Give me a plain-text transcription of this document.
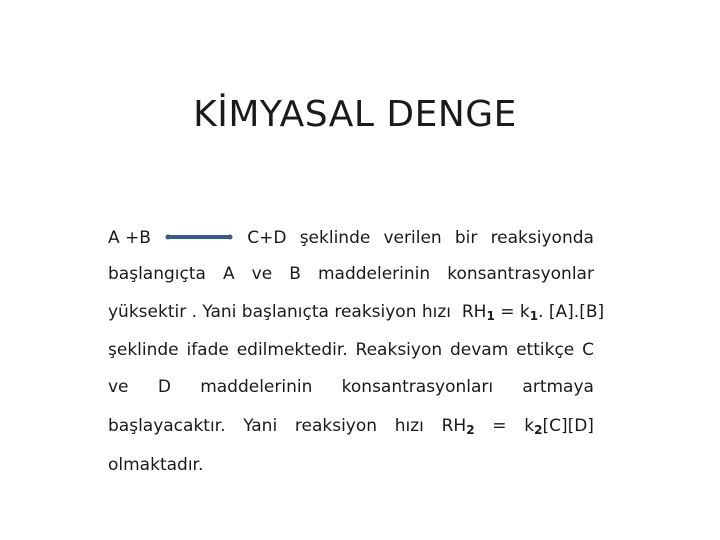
KİMYASAL DENGE
A +B	C+D şeklinde verilen bir reaksiyonda
başlangıçta A ve B maddelerinin konsantrasyonlar
yüksektir . Yani başlanıçta reaksiyon hızı $RH_1 = k_1$. [A].[B]
şeklinde ifade edilmektedir. Reaksiyon devam ettikçe C
ve D maddelerinin konsantrasyonları artmaya
başlayacaktır. Yani reaksiyon hızı $RH_2 = k_2[C][D]$
olmaktadır.
